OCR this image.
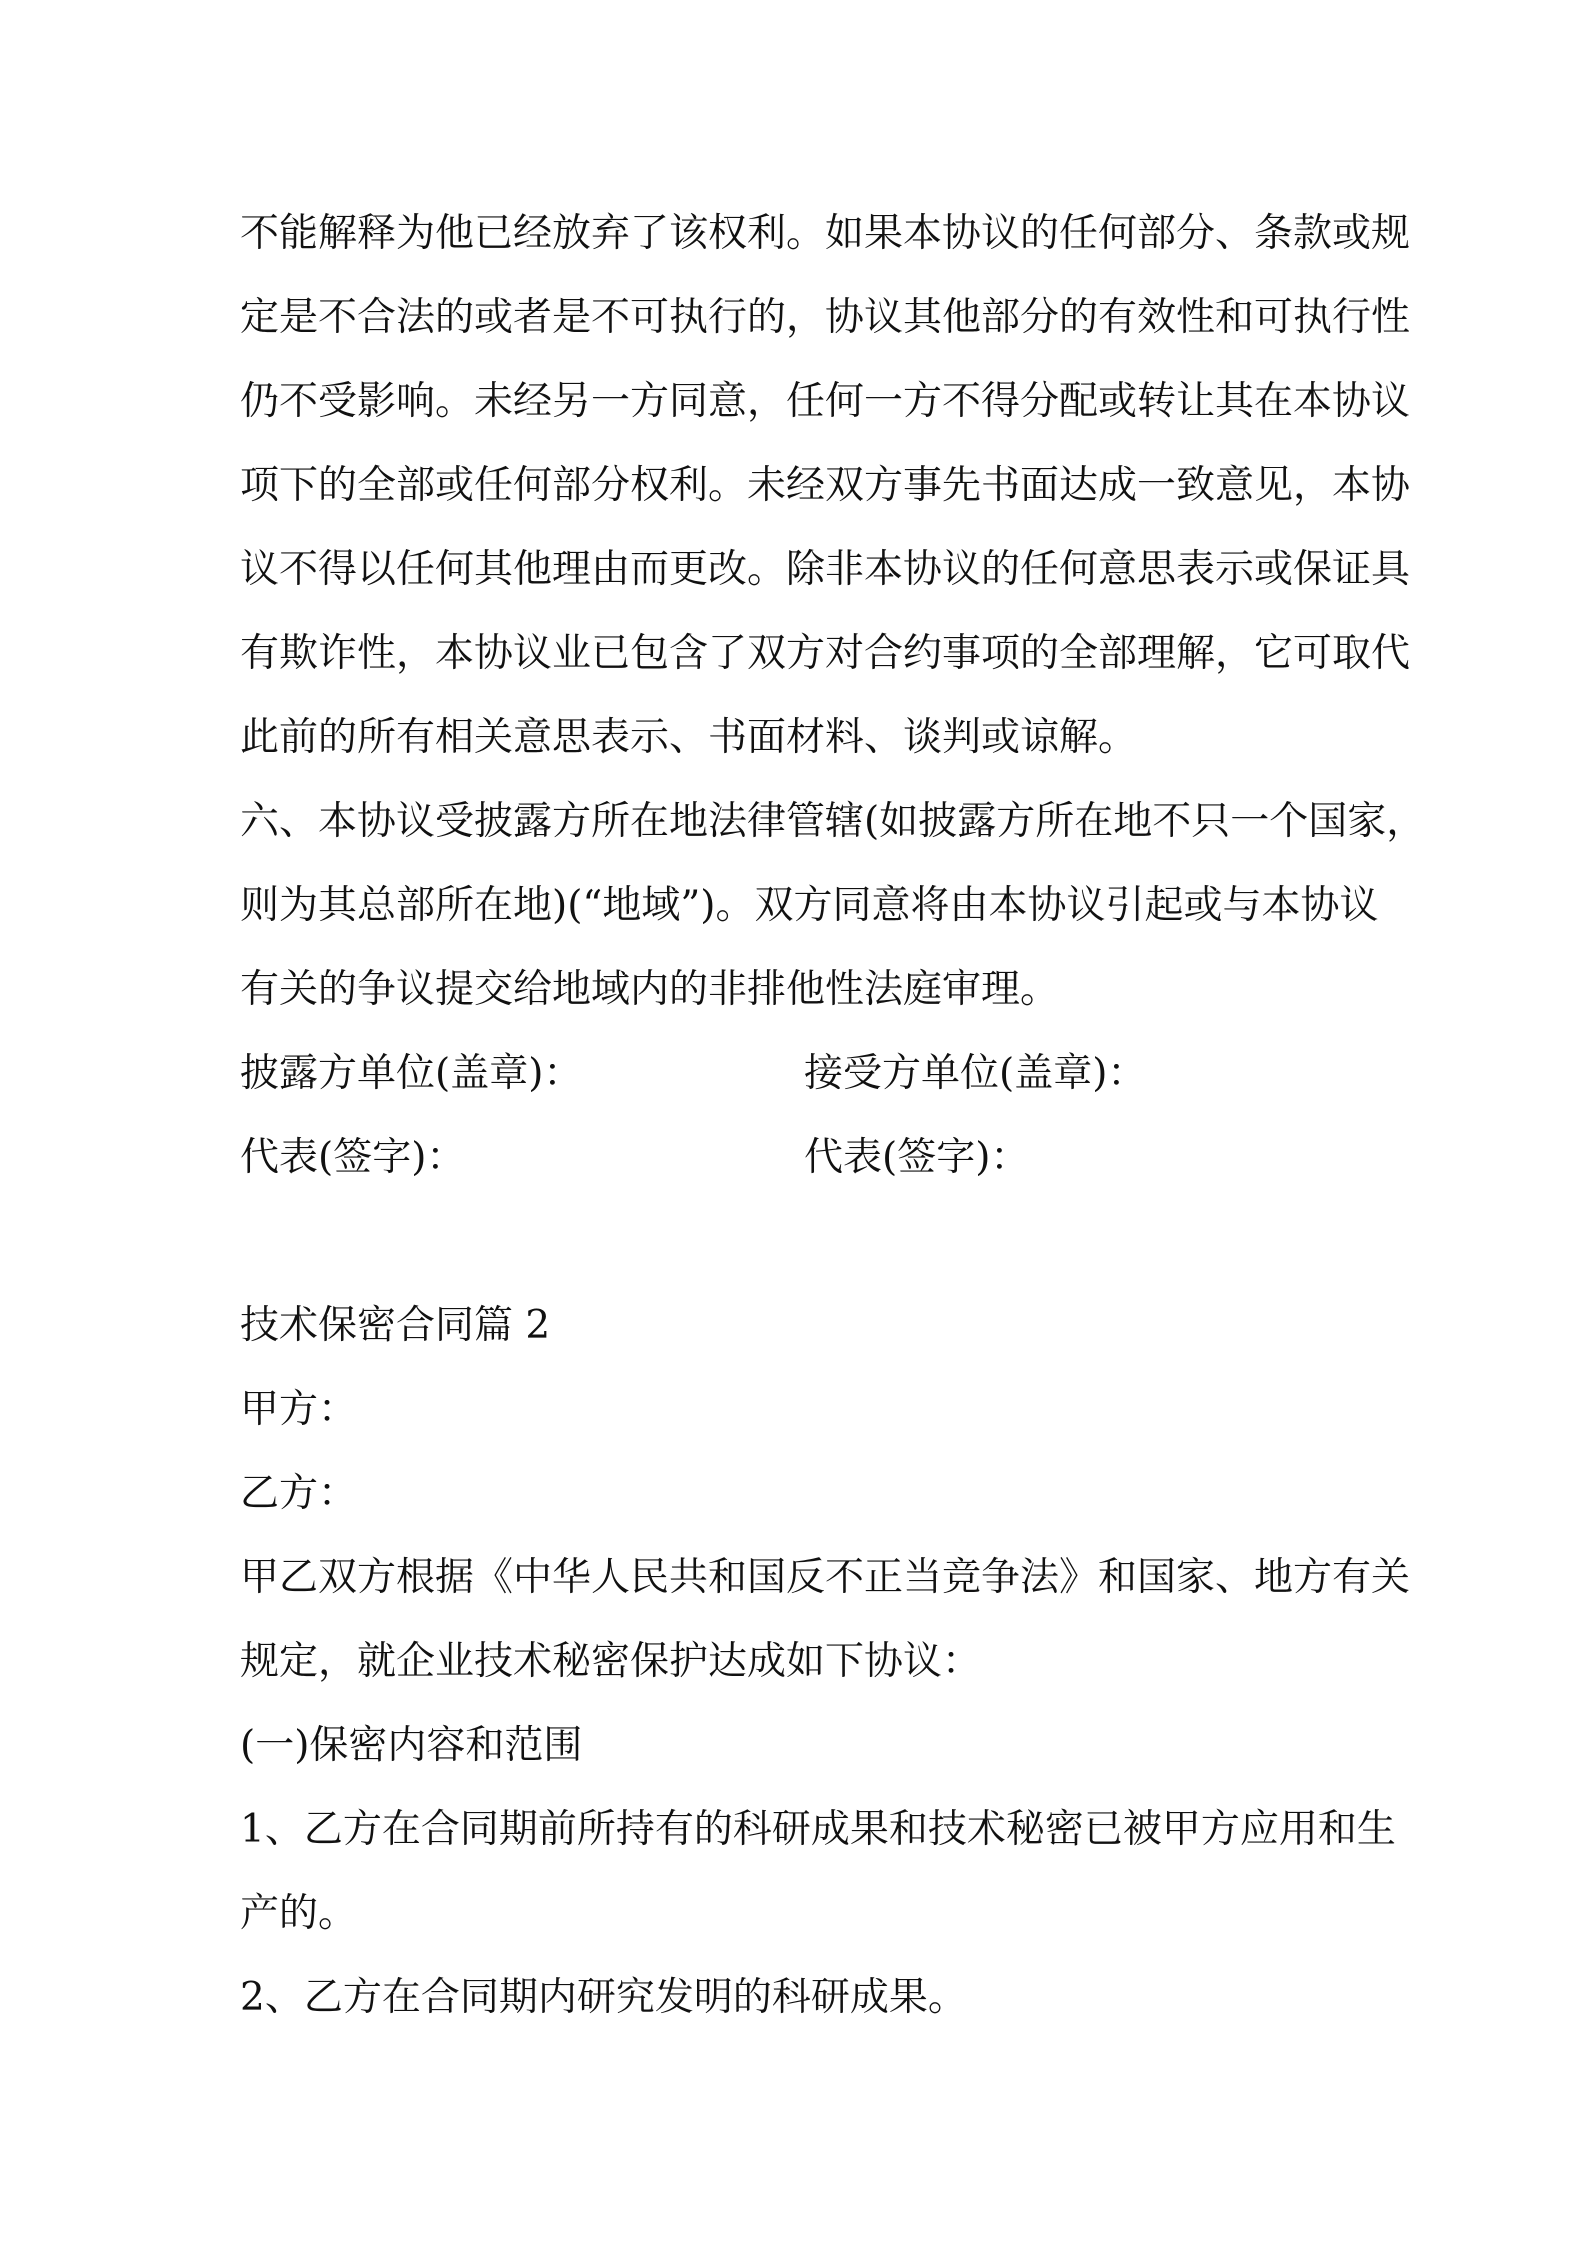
不能解释为他已经放弃了该权利。如果本协议的任何部分、条款或规
定是不合法的或者是不可执行的，协议其他部分的有效性和可执行性
仍不受影响。未经另一方同意，任何一方不得分配或转让其在本协议
项下的全部或任何部分权利。未经双方事先书面达成一致意见，本协
议不得以任何其他理由而更改。除非本协议的任何意思表示或保证具
有欺诈性，本协议业已包含了双方对合约事项的全部理解，它可取代
此前的所有相关意思表示、书面材料、谈判或谅解。
六、本协议受披露方所在地法律管辖(如披露方所在地不只一个国家，
则为其总部所在地)(“地域”)。双方同意将由本协议引起或与本协议
有关的争议提交给地域内的非排他性法庭审理。
披露方单位(盖章)：	接受方单位(盖章)：
代表(签字)：	代表(签字)：
技术保密合同篇 2
甲方：
乙方：
甲乙双方根据《中华人民共和国反不正当竞争法》和国家、地方有关
规定，就企业技术秘密保护达成如下协议：
(一)保密内容和范围
1、乙方在合同期前所持有的科研成果和技术秘密已被甲方应用和生
产的。
2、乙方在合同期内研究发明的科研成果。
